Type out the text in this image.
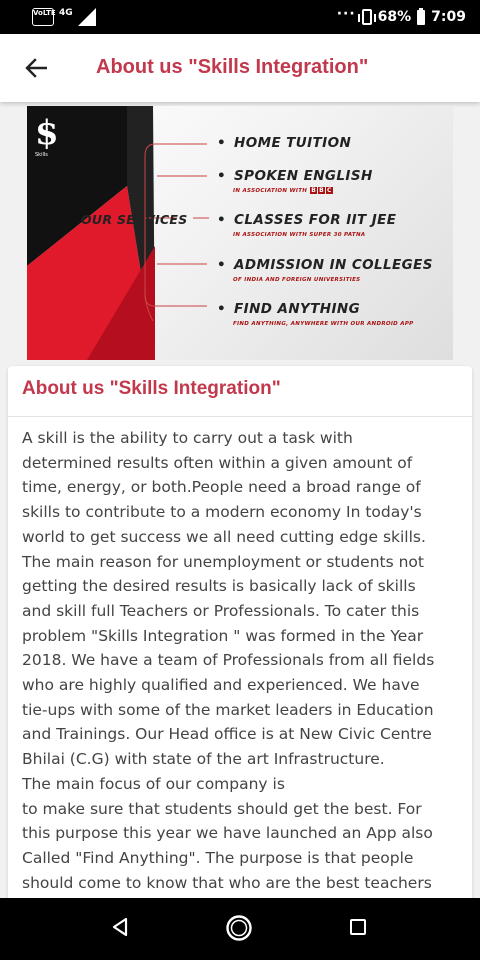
VoLTE 4G	··· 68% 7:09
About us "Skills Integration"
$
Skills
OUR SERVICES
• HOME TUITION
• SPOKEN ENGLISH
IN ASSOCIATION WITH B B C
• CLASSES FOR IIT JEE
IN ASSOCIATION WITH SUPER 30 PATNA
• ADMISSION IN COLLEGES
OF INDIA AND FOREIGN UNIVERSITIES
• FIND ANYTHING
FIND ANYTHING, ANYWHERE WITH OUR ANDROID APP
About us "Skills Integration"
A skill is the ability to carry out a task with
determined results often within a given amount of
time, energy, or both.People need a broad range of
skills to contribute to a modern economy In today's
world to get success we all need cutting edge skills.
The main reason for unemployment or students not
getting the desired results is basically lack of skills
and skill full Teachers or Professionals. To cater this
problem "Skills Integration " was formed in the Year
2018. We have a team of Professionals from all fields
who are highly qualified and experienced. We have
tie-ups with some of the market leaders in Education
and Trainings. Our Head office is at New Civic Centre
Bhilai (C.G) with state of the art Infrastructure.
The main focus of our company is
to make sure that students should get the best. For
this purpose this year we have launched an App also
Called "Find Anything". The purpose is that people
should come to know that who are the best teachers
